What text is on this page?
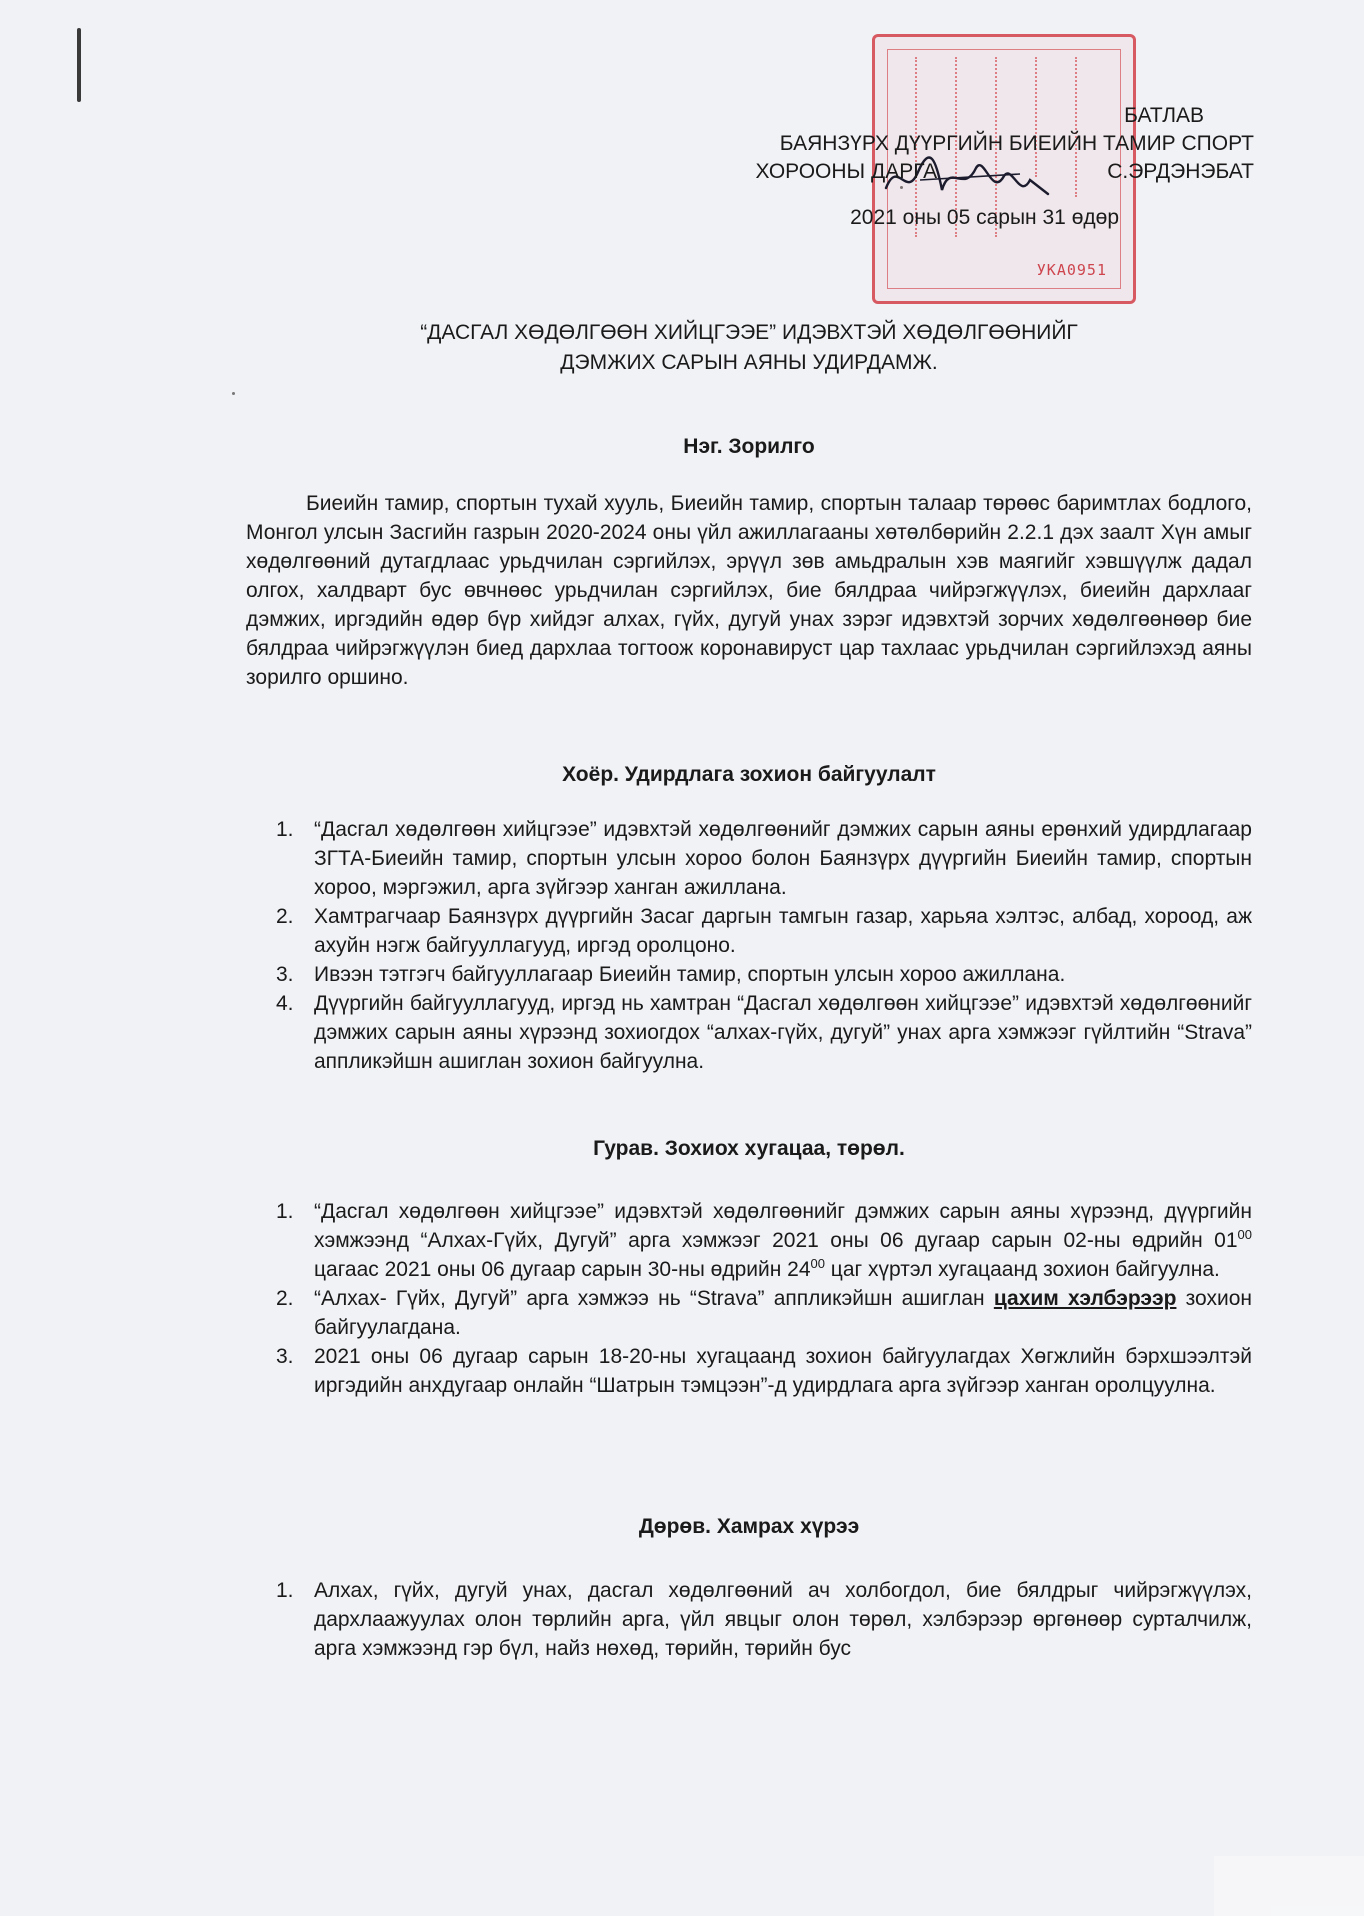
УКА0951
БАТЛАВ
БАЯНЗҮРХ ДҮҮРГИЙН БИЕИЙН ТАМИР СПОРТ
ХОРООНЫ ДАРГА	С.ЭРДЭНЭБАТ
2021 оны 05 сарын 31 өдөр
“ДАСГАЛ ХӨДӨЛГӨӨН ХИЙЦГЭЭЕ” ИДЭВХТЭЙ ХӨДӨЛГӨӨНИЙГ
ДЭМЖИХ САРЫН АЯНЫ УДИРДАМЖ.
Нэг. Зорилго

Биеийн тамир, спортын тухай хууль, Биеийн тамир, спортын талаар төрөөс баримтлах бодлого, Монгол улсын Засгийн газрын 2020-2024 оны үйл ажиллагааны хөтөлбөрийн 2.2.1 дэх заалт Хүн амыг хөдөлгөөний дутагдлаас урьдчилан сэргийлэх, эрүүл зөв амьдралын хэв маягийг хэвшүүлж дадал олгох, халдварт бус өвчнөөс урьдчилан сэргийлэх, бие бялдраа чийрэгжүүлэх, биеийн дархлааг дэмжих, иргэдийн өдөр бүр хийдэг алхах, гүйх, дугуй унах зэрэг идэвхтэй зорчих хөдөлгөөнөөр бие бялдраа чийрэгжүүлэн биед дархлаа тогтоож коронавируст цар тахлаас урьдчилан сэргийлэхэд аяны зорилго оршино.

Хоёр. Удирдлага зохион байгуулалт
1. “Дасгал хөдөлгөөн хийцгээе” идэвхтэй хөдөлгөөнийг дэмжих сарын аяны ерөнхий удирдлагаар ЗГТА-Биеийн тамир, спортын улсын хороо болон Баянзүрх дүүргийн Биеийн тамир, спортын хороо, мэргэжил, арга зүйгээр ханган ажиллана.
2. Хамтрагчаар Баянзүрх дүүргийн Засаг даргын тамгын газар, харьяа хэлтэс, албад, хороод, аж ахуйн нэгж байгууллагууд, иргэд оролцоно.
3. Ивээн тэтгэгч байгууллагаар Биеийн тамир, спортын улсын хороо ажиллана.
4. Дүүргийн байгууллагууд, иргэд нь хамтран “Дасгал хөдөлгөөн хийцгээе” идэвхтэй хөдөлгөөнийг дэмжих сарын аяны хүрээнд зохиогдох “алхах-гүйх, дугуй” унах арга хэмжээг гүйлтийн “Strava” аппликэйшн ашиглан зохион байгуулна.
Гурав. Зохиох хугацаа, төрөл.
1. “Дасгал хөдөлгөөн хийцгээе” идэвхтэй хөдөлгөөнийг дэмжих сарын аяны хүрээнд, дүүргийн хэмжээнд “Алхах-Гүйх, Дугуй” арга хэмжээг 2021 оны 06 дугаар сарын 02-ны өдрийн $01^{00}$ цагаас 2021 оны 06 дугаар сарын 30-ны өдрийн $24^{00}$ цаг хүртэл хугацаанд зохион байгуулна.
2. “Алхах- Гүйх, Дугуй” арга хэмжээ нь “Strava” аппликэйшн ашиглан цахим хэлбэрээр зохион байгуулагдана.
3. 2021 оны 06 дугаар сарын 18-20-ны хугацаанд зохион байгуулагдах Хөгжлийн бэрхшээлтэй иргэдийн анхдугаар онлайн “Шатрын тэмцээн”-д удирдлага арга зүйгээр ханган оролцуулна.
Дөрөв. Хамрах хүрээ
1. Алхах, гүйх, дугуй унах, дасгал хөдөлгөөний ач холбогдол, бие бялдрыг чийрэгжүүлэх, дархлаажуулах олон төрлийн арга, үйл явцыг олон төрөл, хэлбэрээр өргөнөөр сурталчилж, арга хэмжээнд гэр бүл, найз нөхөд, төрийн, төрийн бус
